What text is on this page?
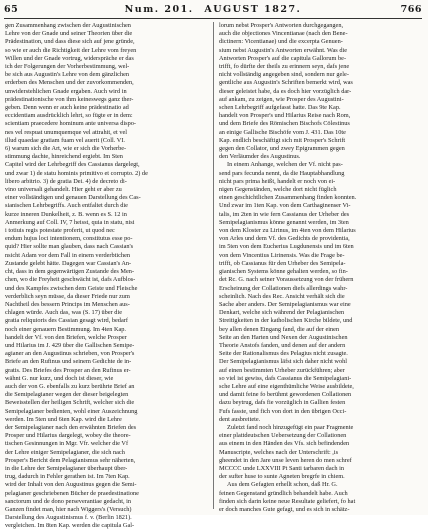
65	Num. 201. AUGUST 1827.	766
gen Zusammenhang zwischen der Augustinischen
Lehre von der Gnade und seiner Theorien über die
Prädestination, und dass diese sich auf jene gründe,
so wie er auch die Richtigkeit der Lehre vom freyen
Willen und der Gnade vortrug, widerspräche er das
ich der Folgerungen der Vorherbestimmung, wel-
be sich aus Augustin's Lehre von dem gänzlichen
erderben des Menschen und der zuvorkommenden,
unwiderstehlichen Gnade ergaben. Auch wird in
prädestinationische von ihm keineswegs ganz ther-
geben. Denn wenn er auch keine prädestinatio ad
eccidentiam ausdrücklich lehrt, so fügte er in dem:
scientiam praecedere hominum ante universa dispo-
nes vel respuat unumquemque vel attrahit, et vel
illud quaedae gratiam fuam vel auerit (Coll. VI.
6) warum sich die Art, wie er sich die Vorherbe-
stimmung dachte, hinreichend ergiebt. Im Sten
Capitel wird der Lehrbegriff des Cassianus dargelegt,
und zwar 1) de statu hominis primitivo et corrupto. 2) de
libero arbitrio. 3) de gratia Dei. 4) de decreto di-
vino universali gehandelt. Hier geht er aber zu
einer vollständigen und genauen Darstellung des Cas-
sianischen Lehrbegriffs. Auch entfaltet durch die
kurze inneren Dunkelheit, z. B. wenn es S. 12 in
Anmerkung auf Coll. IV, 7 heisst, quia in statu, nisi
i totiuis regis potestate proferit, ut quod nec
endum hujus loci intentionem, constitutus esse po-
quid? Hier sollte man glauben, dass nach Cassian's
nsicht Adam vor dem Fall in einem verderbtichen
Zustande gelebt hätte. Dagegen war Cassian's An-
cht, dass in dem gegenwärtigen Zustande des Men-
chen, wo die Freyheit geschwächt ist, dafs Aufblos-
und des Kampfes zwischen dem Geiste und Fleische
verderblich seyn müsse, da dieser Friede nur zum
Nachtheil des bessern Princips im Menschen aus-
chlagen würde. Auch das, was (S. 17) über die
gratia reliquioris des Cassian gesagt wird, bedarf
noch einer genauern Bestimmung. Im 4ten Kap.
handelt der Vf. von den Briefen, welche Prosper
und Hilarius im J. 429 über die Gallischen Semipe-
agianer an den Augustinus schrieben, von Prosper's
Briefe an den Rufinus und seinem Gedichte de in-
gratis. Des Briefes des Prosper an den Rufinus er-
wähnt G. nur kurz, und doch ist dieser, wie
auch der von G. ebenfalls zu kurz berührte Brief an
die Semipelagianer wegen der dieser beigelegten
Beweisstellen der heiligen Schrift, welcher sich die
Semipelagianer bedienten, wohl einer Auszeichnung
werden. Im 5ten und 6ten Kap. wird die Lehre
der Semipelagianer nach den erwähnten Briefen des
Prosper und Hilarius dargelegt, wobey die theore-
tischen Gesinnungen in Mgr. Vfr. welcher die Vf
der Lehre einiger Semipelagianer, die sich nach
Prosper's Bericht dem Pelagianismus sehr näherten,
in die Lehre der Semipelagianer überhaupt über-
trug, dadurch in Fehler gerathen ist. Im 7ten Kap.
wird der Inhalt von den Augustinus gegen die Semi-
pelagianer geschriebenen Bücher de praedestinatione
sanctorum und de dono perseverantiae gedacht, in
Ganzen findet man, hier nach Wiggers's (Versuch)
Darstellung des Augustinismus f. v. (Berlin 1821).
vergleichen. Im 8ten Kap. werden die capitula Gal-
lorum nebst Prosper's Antworten durchgegangen,
auch die objectiones Vincentianae (nach den Bene-
dictinern: Vicentianae) und die excerpta Genuen-
sium nebst Augustin's Antworten erwähnt. Was die
Antworten Prosper's auf die capitula Gallorum be-
trifft, fo dürfte der theils zu erinnern seyn, dafs jene
nicht vollständig angegeben sind, sondern nur gele-
gentliche aus Augustin's Schriften bemerkt wird, was
dieser geleistet habe, da es doch hier vorzüglich dar-
auf ankam, zu zeigen, wie Prosper des Augustini-
schen Lehrbegriff aufgefasst hatte. Das 9te Kap.
handelt von Prosper's und Hilarius Reise nach Rom,
und dem Briefe des Römischen Bischofs Cölestinus
an einige Gallische Bischöfe vom J. 431. Das 10te
Kap. endlich beschäftigt sich mit Prosper's Schrift
gegen den Collator, und zwey Epigrammen gegen
den Verläumder des Augustinus.
In einem Anhange, welchen der Vf. nicht pas-
send pars fecunda nennt, da die Hauptabhandlung
nicht pars prima heißt, handelt er noch von ei-
nigen Gegenständen, welche dort nicht füglich
einen geschichtlichen Zusammenhang finden konnten.
Und zwar im 1ten Kap. von dem Carthaginenser Vi-
talis, im 2ten in wie fern Cassianus der Urheber des
Semipelagianismus könne genannt werden, im 3ten
von dem Kloster zu Lirinus, im 4ten von dem Hilarius
von Arles und dem Vf. des Gedichts de providentia,
im 5ten von dem Eucherius Lugdunensis und im 6ten
von dem Vincentius Lirinensis. Was die Frage be-
trifft, ob Cassianus für den Urheber des Semipela-
gianischen Systems könne gehalten werden, so fin-
det Rc. G. nach seiner Voraussetzung von der frühern
Erscheinung der Collationen diefs allerdings wahr-
scheinlich. Nach des Rec. Ansicht verhält sich die
Sache aber anders. Der Semipelagianismus war eine
Denkart, welche sich während der Pelagianischen
Streitigkeiten in der katholischen Kirche bildete, und
bey allen denen Eingang fand, die auf der einen
Seite an den Harten und Nexen der Augustinischen
Theorie Anstofs fanden, und denen auf der andern
Seite der Rationalismus des Pelagius nicht zusagte.
Der Semipelagianismus läfst sich daher nicht wohl
auf einen bestimmten Urheber zurückführen; aber
so viel ist gewiss, dafs Cassianus die Semipelagiani-
sche Lehre auf eine eigenthümliche Weise ausbildete,
und damit feine fo berühmt gewordenen Collationen
dazu beytrug, dafs fie vorzüglich in Gallien festen
Fufs fasste, und fich von dort in den übrigen Occi-
dent ausbreitete.
Zuletzt fand noch hinzugefügt ein paar Fragmente
einer plattdeutschen Uebersetzung der Collationen
aus einem in den Händen des Vfs. sich befindenden
Manuscripte, welches nach der Unterschrift: ,is
gheendet in den Jare unse leven heren do men schref
MCCCC unde LXXVIII Pt Santi tarbaren dach in
der sufter huse to sunte Agneten bregrfe in chiem.
Aus dem Gefagten erhellt schon, daß Hr. G.
feinen Gegenstand gründlich behandelt habe. Auch
finden sich darin keine neue Resultate geliefert, fo hat
er doch manches Gute gefagt, und es sich in schätz-
